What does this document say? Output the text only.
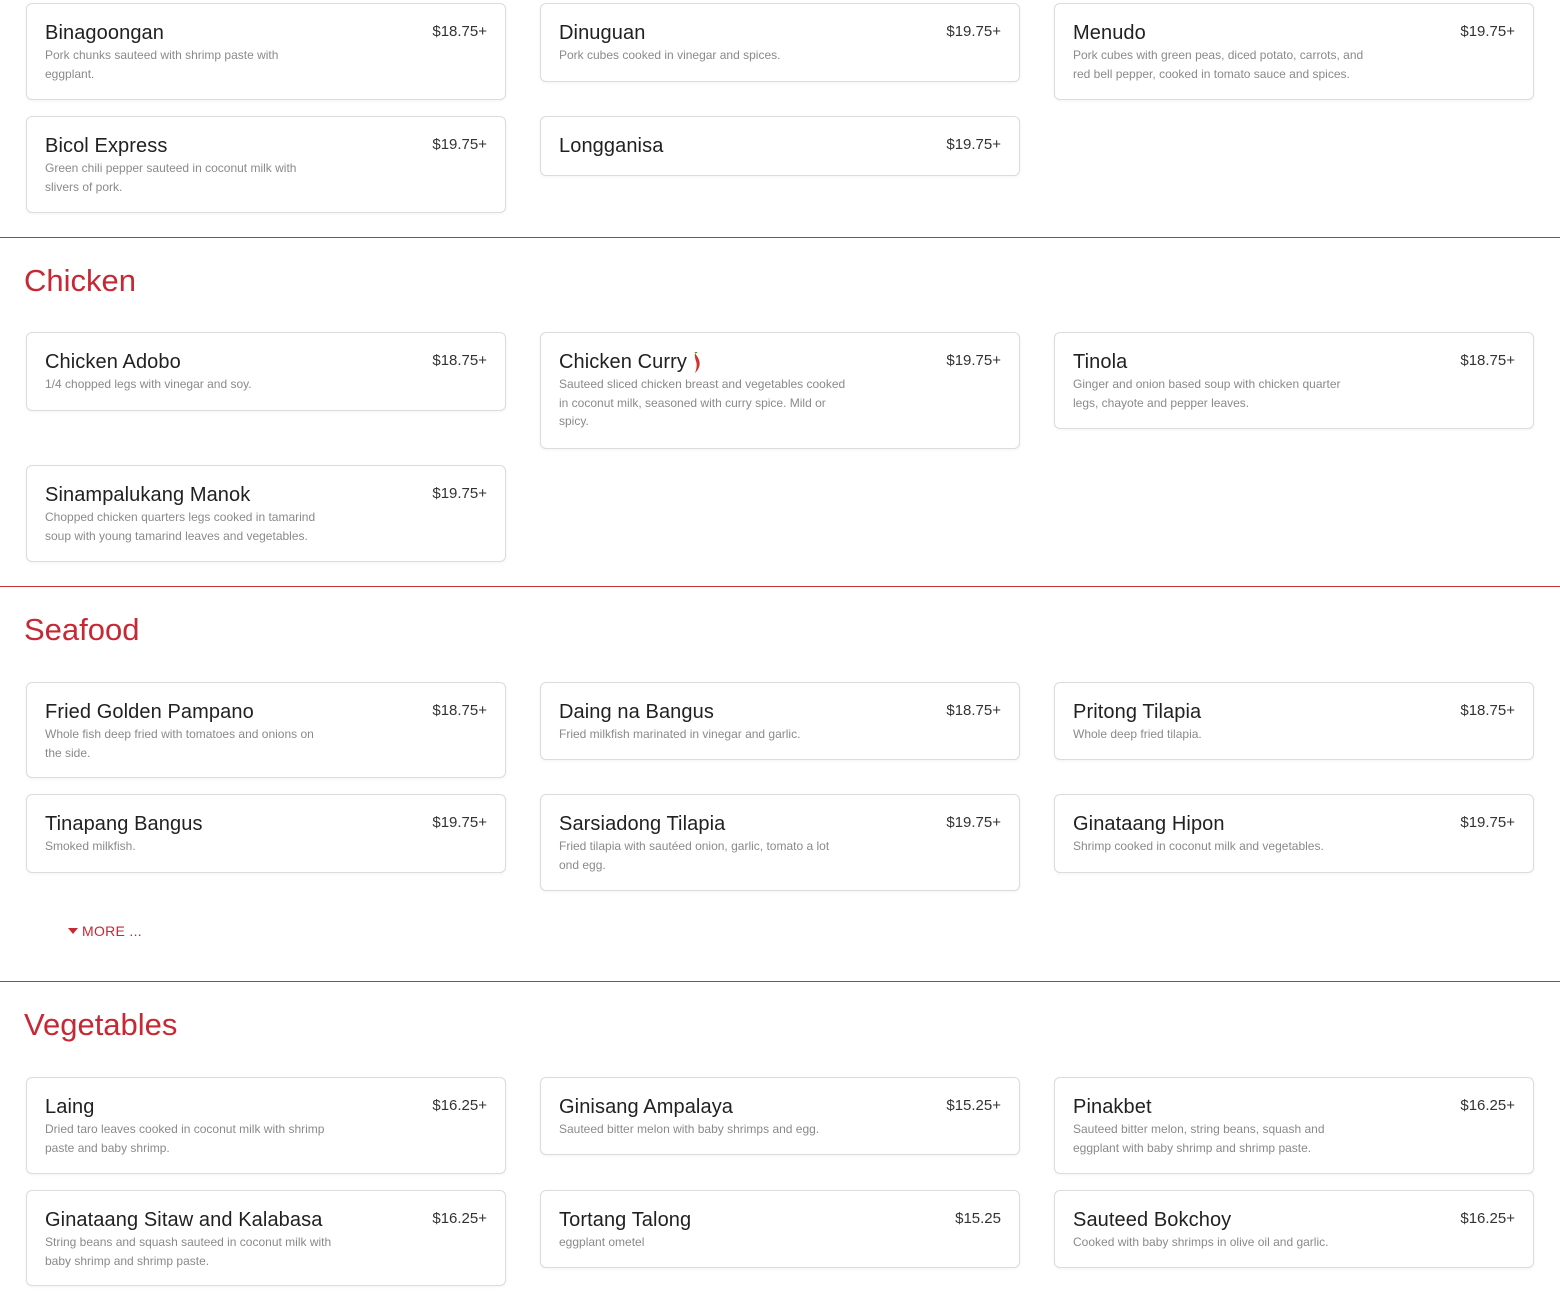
Binagoongan	$18.75+
Pork chunks sauteed with shrimp paste with eggplant.
Dinuguan	$19.75+
Pork cubes cooked in vinegar and spices.
Menudo	$19.75+
Pork cubes with green peas, diced potato, carrots, and red bell pepper, cooked in tomato sauce and spices.
Bicol Express	$19.75+
Green chili pepper sauteed in coconut milk with slivers of pork.
Longganisa	$19.75+
Chicken
Chicken Adobo	$18.75+
1/4 chopped legs with vinegar and soy.
Chicken Curry	$19.75+
Sauteed sliced chicken breast and vegetables cooked in coconut milk, seasoned with curry spice. Mild or spicy.
Tinola	$18.75+
Ginger and onion based soup with chicken quarter legs, chayote and pepper leaves.
Sinampalukang Manok	$19.75+
Chopped chicken quarters legs cooked in tamarind soup with young tamarind leaves and vegetables.
Seafood
Fried Golden Pampano	$18.75+
Whole fish deep fried with tomatoes and onions on the side.
Daing na Bangus	$18.75+
Fried milkfish marinated in vinegar and garlic.
Pritong Tilapia	$18.75+
Whole deep fried tilapia.
Tinapang Bangus	$19.75+
Smoked milkfish.
Sarsiadong Tilapia	$19.75+
Fried tilapia with sautéed onion, garlic, tomato a lot ond egg.
Ginataang Hipon	$19.75+
Shrimp cooked in coconut milk and vegetables.
MORE ...
Vegetables
Laing	$16.25+
Dried taro leaves cooked in coconut milk with shrimp paste and baby shrimp.
Ginisang Ampalaya	$15.25+
Sauteed bitter melon with baby shrimps and egg.
Pinakbet	$16.25+
Sauteed bitter melon, string beans, squash and eggplant with baby shrimp and shrimp paste.
Ginataang Sitaw and Kalabasa	$16.25+
String beans and squash sauteed in coconut milk with baby shrimp and shrimp paste.
Tortang Talong	$15.25
eggplant ometel
Sauteed Bokchoy	$16.25+
Cooked with baby shrimps in olive oil and garlic.
